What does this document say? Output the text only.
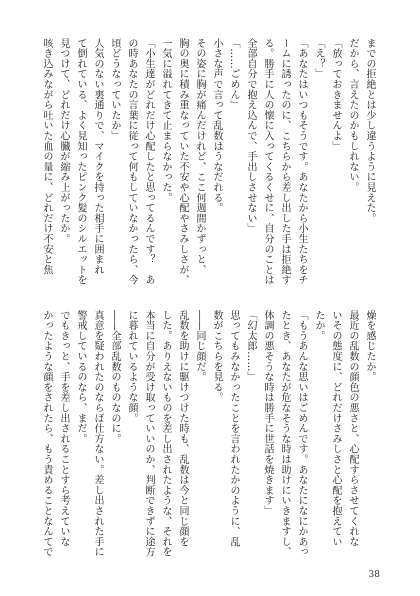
までの拒絶とは少し違うように見えた。
だから、言えたのかもしれない。
「放っておきませんよ」
「え？」
「あなたはいつもそうです。あなたから小生たちをチ
ームに誘ったのに、こちらから差し出した手は拒絶す
る。勝手に人の懐に入ってくるくせに、自分のことは
全部自分で抱え込んで、手出しさせない」
「……ごめん」
小さな声で言って乱数はうなだれる。
その姿に胸が痛んだけれど、ここ何週間かずっと、
胸の奥に積み重なっていた不安や心配やさみしさが、
一気に溢れてきて止まらなかった。
「小生達がどれだけ心配したと思ってるんです？　あ
の時あなたの言葉に従って何もしていなかったら、今
頃どうなっていたか」
人気のない裏通りで、マイクを持った相手に囲まれ
て倒れている、よく見知ったピンク髪のシルエットを
見つけて、どれだけ心臓が縮み上がったか。
咳き込みながら吐いた血の量に、どれだけ不安と焦
燥を感じたか。
最近の乱数の顔色の悪さと、心配すらさせてくれな
いその態度に、どれだけさみしさと心配を抱えてい
たか。
「もうあんな思いはごめんです。あなたになにかあっ
たとき、あなたが危なそうな時は助けにいきますし、
体調の悪そうな時は勝手に世話を焼きます」
「幻太郎……」
思ってもみなかったことを言われたかのように、乱
数がこちらを見る。
――同じ顔だ。
乱数を助けに駆けつけた時も、乱数は今と同じ顔を
した。ありえないものを差し出されたような、それを
本当に自分が受け取っていいのか、判断できずに途方
に暮れているような顔。
――全部乱数のものなのに。
真意を疑われたのならば仕方ない。差し出された手に
警戒しているのなら、まだ。
でもきっと、手を差し出されることすら考えていな
かったような顔をされたら、もう責めることなんてで
38
